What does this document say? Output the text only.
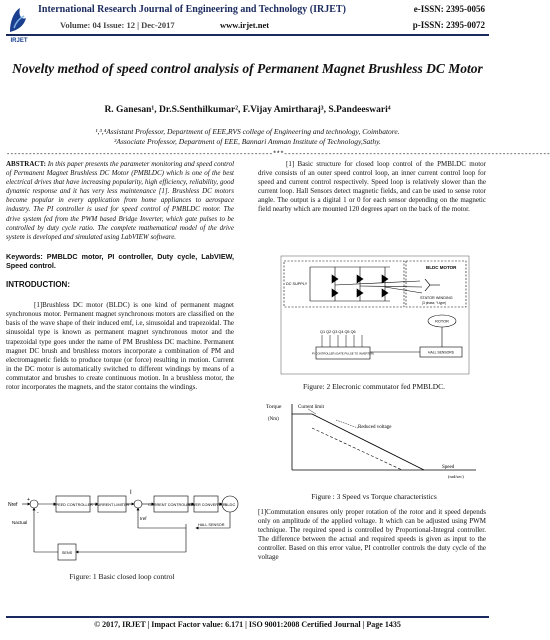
IRJET
International Research Journal of Engineering and Technology (IRJET)	e-ISSN: 2395-0056
Volume: 04 Issue: 12 | Dec-2017	www.irjet.net	p-ISSN: 2395-0072
Novelty method of speed control analysis of Permanent Magnet Brushless DC Motor
R. Ganesan¹, Dr.S.Senthilkumar², F.Vijay Amirtharaj³, S.Pandeeswari⁴
¹,³,⁴Assistant Professor, Department of EEE,RVS college of Engineering and technology, Coimbatore.
²Associate Professor, Department of EEE, Bannari Amman Institute of Technology,Sathy.
------------------------------------------------------------------------***------------------------------------------------------------------------

ABSTRACT: In this paper presents the parameter monitoring and speed control of Permanent Magnet Brushless DC Motor (PMBLDC) which is one of the best electrical drives that have increasing popularity, high efficiency, reliability, good dynamic response and it has very less maintenance [1]. Brushless DC motors become popular in every application from home appliances to aerospace industry. The PI controller is used for speed control of PMBLDC motor. The drive system fed from the PWM based Bridge Inverter, which gate pulses to be controlled by duty cycle ratio. The complete mathematical model of the drive system is developed and simulated using LabVIEW software.

Keywords: PMBLDC motor, PI controller, Duty cycle, LabVIEW, Speed control.

INTRODUCTION:

[1]Brushless DC motor (BLDC) is one kind of permanent magnet synchronous motor. Permanent magnet synchronous motors are classified on the basis of the wave shape of their induced emf, i.e, sinusoidal and trapezoidal. The sinusoidal type is known as permanent magnet synchronous motor and the trapezoidal type goes under the name of PM Brushless DC machine. Permanent magnet DC brush and brushless motors incorporate a combination of PM and electromagnetic fields to produce torque (or force) resulting in motion. Current in the DC motor is automatically switched to different windings by means of a commutator and brushes to create continuous motion. In a brushless motor, the rotor incorporates the magnets, and the stator contains the windings.

Nref	SPEED CONTROLLER CURRENT LIMITER
I
Iref
CURRENT CONTROLLER
POWER CONVERTER BLDC
HALL SENSOR
SENS
Nactual
+
-
Figure: 1 Basic closed loop control

[1] Basic structure for closed loop control of the PMBLDC motor drive consists of an outer speed control loop, an inner current control loop for speed and current control respectively. Speed loop is relatively slower than the current loop. Hall Sensors detect magnetic fields, and can be used to sense rotor angle. The output is a digital 1 or 0 for each sensor depending on the magnetic field nearby which are mounted 120 degrees apart on the back of the motor.

BLDC MOTOR
DC SUPPLY
STATOR WINDING
(3 phase, Y-type)
ROTOR
Q1 Q2 Q3 Q4 Q5 Q6
PI CONTROLLER (GATE PULSE TO INVERTER)	HALL SENSORS
Figure: 2 Elecronic commutator fed PMBLDC.
Torque
(Nm)
Current limit
Reduced voltage
Speed
(rad/sec)
Figure : 3 Speed vs Torque characteristics

[1]Commutation ensures only proper rotation of the rotor and it speed depends only on amplitude of the applied voltage. It which can be adjusted using PWM technique. The required speed is controlled by Proportional-Integral controller. The difference between the actual and required speeds is given as input to the controller. Based on this error value, PI controller controls the duty cycle of the voltage

© 2017, IRJET | Impact Factor value: 6.171 | ISO 9001:2008 Certified Journal | Page 1435
